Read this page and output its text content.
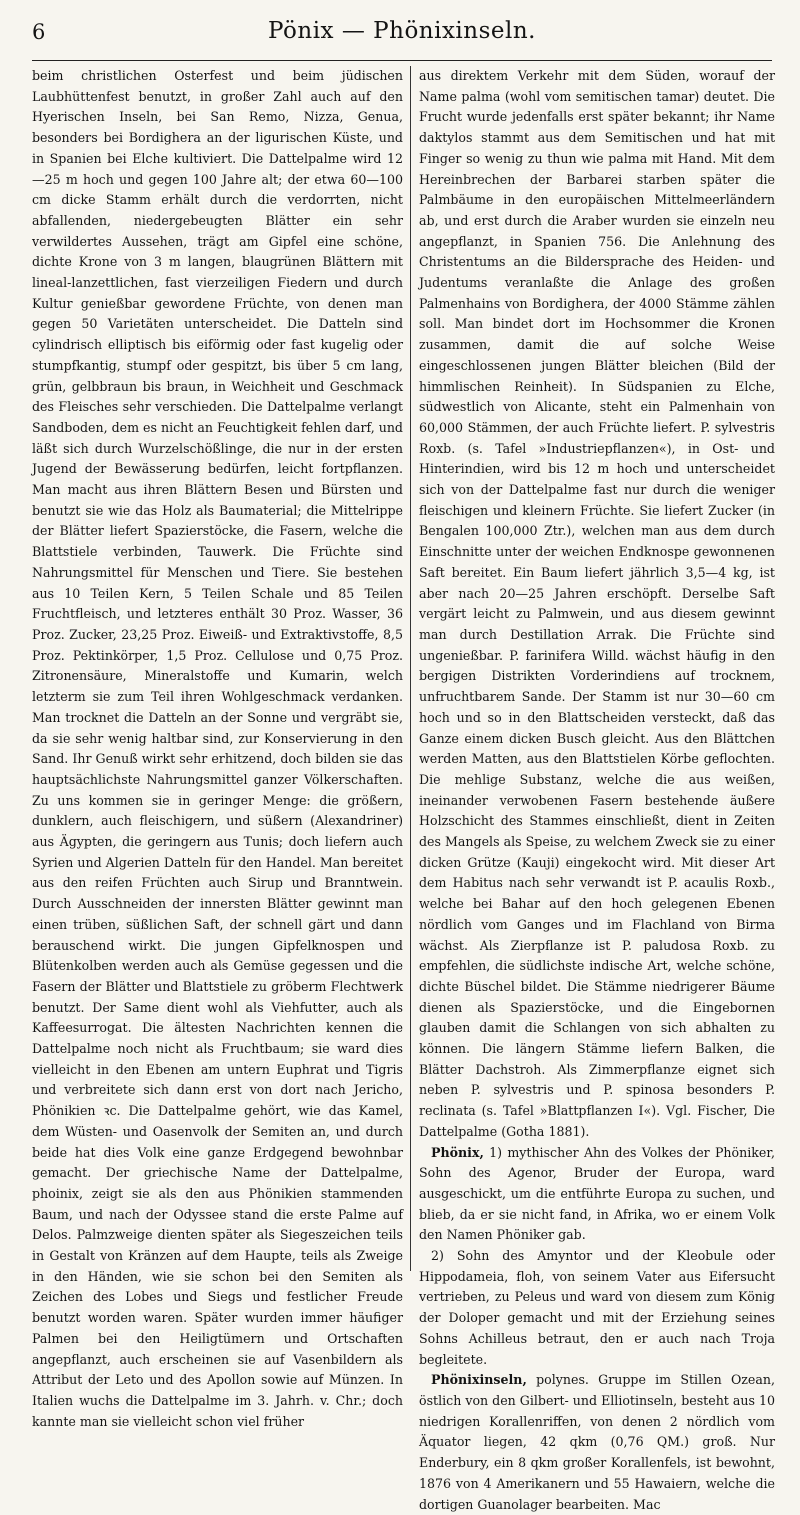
6	Pönix — Phönixinseln.

beim christlichen Osterfest und beim jüdischen Laubhüttenfest benutzt, in großer Zahl auch auf den Hyerischen Inseln, bei San Remo, Nizza, Genua, besonders bei Bordighera an der ligurischen Küste, und in Spanien bei Elche kultiviert. Die Dattelpalme wird 12—25 m hoch und gegen 100 Jahre alt; der etwa 60—100 cm dicke Stamm erhält durch die verdorrten, nicht abfallenden, niedergebeugten Blätter ein sehr verwildertes Aussehen, trägt am Gipfel eine schöne, dichte Krone von 3 m langen, blaugrünen Blättern mit lineal-lanzettlichen, fast vierzeiligen Fiedern und durch Kultur genießbar gewordene Früchte, von denen man gegen 50 Varietäten unterscheidet. Die Datteln sind cylindrisch elliptisch bis eiförmig oder fast kugelig oder stumpfkantig, stumpf oder gespitzt, bis über 5 cm lang, grün, gelbbraun bis braun, in Weichheit und Geschmack des Fleisches sehr verschieden. Die Dattelpalme verlangt Sandboden, dem es nicht an Feuchtigkeit fehlen darf, und läßt sich durch Wurzelschößlinge, die nur in der ersten Jugend der Bewässerung bedürfen, leicht fortpflanzen. Man macht aus ihren Blättern Besen und Bürsten und benutzt sie wie das Holz als Baumaterial; die Mittelrippe der Blätter liefert Spazierstöcke, die Fasern, welche die Blattstiele verbinden, Tauwerk. Die Früchte sind Nahrungsmittel für Menschen und Tiere. Sie bestehen aus 10 Teilen Kern, 5 Teilen Schale und 85 Teilen Fruchtfleisch, und letzteres enthält 30 Proz. Wasser, 36 Proz. Zucker, 23,25 Proz. Eiweiß- und Extraktivstoffe, 8,5 Proz. Pektinkörper, 1,5 Proz. Cellulose und 0,75 Proz. Zitronensäure, Mineralstoffe und Kumarin, welch letzterm sie zum Teil ihren Wohlgeschmack verdanken. Man trocknet die Datteln an der Sonne und vergräbt sie, da sie sehr wenig haltbar sind, zur Konservierung in den Sand. Ihr Genuß wirkt sehr erhitzend, doch bilden sie das hauptsächlichste Nahrungsmittel ganzer Völkerschaften. Zu uns kommen sie in geringer Menge: die größern, dunklern, auch fleischigern, und süßern (Alexandriner) aus Ägypten, die geringern aus Tunis; doch liefern auch Syrien und Algerien Datteln für den Handel. Man bereitet aus den reifen Früchten auch Sirup und Branntwein. Durch Ausschneiden der innersten Blätter gewinnt man einen trüben, süßlichen Saft, der schnell gärt und dann berauschend wirkt. Die jungen Gipfelknospen und Blütenkolben werden auch als Gemüse gegessen und die Fasern der Blätter und Blattstiele zu gröberm Flechtwerk benutzt. Der Same dient wohl als Viehfutter, auch als Kaffeesurrogat. Die ältesten Nachrichten kennen die Dattelpalme noch nicht als Fruchtbaum; sie ward dies vielleicht in den Ebenen am untern Euphrat und Tigris und verbreitete sich dann erst von dort nach Jericho, Phönikien ꝛc. Die Dattelpalme gehört, wie das Kamel, dem Wüsten- und Oasenvolk der Semiten an, und durch beide hat dies Volk eine ganze Erdgegend bewohnbar gemacht. Der griechische Name der Dattelpalme, phoinix, zeigt sie als den aus Phönikien stammenden Baum, und nach der Odyssee stand die erste Palme auf Delos. Palmzweige dienten später als Siegeszeichen teils in Gestalt von Kränzen auf dem Haupte, teils als Zweige in den Händen, wie sie schon bei den Semiten als Zeichen des Lobes und Siegs und festlicher Freude benutzt worden waren. Später wurden immer häufiger Palmen bei den Heiligtümern und Ortschaften angepflanzt, auch erscheinen sie auf Vasenbildern als Attribut der Leto und des Apollon sowie auf Münzen. In Italien wuchs die Dattelpalme im 3. Jahrh. v. Chr.; doch kannte man sie vielleicht schon viel früher

aus direktem Verkehr mit dem Süden, worauf der Name palma (wohl vom semitischen tamar) deutet. Die Frucht wurde jedenfalls erst später bekannt; ihr Name daktylos stammt aus dem Semitischen und hat mit Finger so wenig zu thun wie palma mit Hand. Mit dem Hereinbrechen der Barbarei starben später die Palmbäume in den europäischen Mittelmeerländern ab, und erst durch die Araber wurden sie einzeln neu angepflanzt, in Spanien 756. Die Anlehnung des Christentums an die Bildersprache des Heiden- und Judentums veranlaßte die Anlage des großen Palmenhains von Bordighera, der 4000 Stämme zählen soll. Man bindet dort im Hochsommer die Kronen zusammen, damit die auf solche Weise eingeschlossenen jungen Blätter bleichen (Bild der himmlischen Reinheit). In Südspanien zu Elche, südwestlich von Alicante, steht ein Palmenhain von 60,000 Stämmen, der auch Früchte liefert. P. sylvestris Roxb. (s. Tafel »Industriepflanzen«), in Ost- und Hinterindien, wird bis 12 m hoch und unterscheidet sich von der Dattelpalme fast nur durch die weniger fleischigen und kleinern Früchte. Sie liefert Zucker (in Bengalen 100,000 Ztr.), welchen man aus dem durch Einschnitte unter der weichen Endknospe gewonnenen Saft bereitet. Ein Baum liefert jährlich 3,5—4 kg, ist aber nach 20—25 Jahren erschöpft. Derselbe Saft vergärt leicht zu Palmwein, und aus diesem gewinnt man durch Destillation Arrak. Die Früchte sind ungenießbar. P. farinifera Willd. wächst häufig in den bergigen Distrikten Vorderindiens auf trocknem, unfruchtbarem Sande. Der Stamm ist nur 30—60 cm hoch und so in den Blattscheiden versteckt, daß das Ganze einem dicken Busch gleicht. Aus den Blättchen werden Matten, aus den Blattstielen Körbe geflochten. Die mehlige Substanz, welche die aus weißen, ineinander verwobenen Fasern bestehende äußere Holzschicht des Stammes einschließt, dient in Zeiten des Mangels als Speise, zu welchem Zweck sie zu einer dicken Grütze (Kauji) eingekocht wird. Mit dieser Art dem Habitus nach sehr verwandt ist P. acaulis Roxb., welche bei Bahar auf den hoch gelegenen Ebenen nördlich vom Ganges und im Flachland von Birma wächst. Als Zierpflanze ist P. paludosa Roxb. zu empfehlen, die südlichste indische Art, welche schöne, dichte Büschel bildet. Die Stämme niedrigerer Bäume dienen als Spazierstöcke, und die Eingebornen glauben damit die Schlangen von sich abhalten zu können. Die längern Stämme liefern Balken, die Blätter Dachstroh. Als Zimmerpflanze eignet sich neben P. sylvestris und P. spinosa besonders P. reclinata (s. Tafel »Blattpflanzen I«). Vgl. Fischer, Die Dattelpalme (Gotha 1881).

Phönix, 1) mythischer Ahn des Volkes der Phöniker, Sohn des Agenor, Bruder der Europa, ward ausgeschickt, um die entführte Europa zu suchen, und blieb, da er sie nicht fand, in Afrika, wo er einem Volk den Namen Phöniker gab.

2) Sohn des Amyntor und der Kleobule oder Hippodameia, floh, von seinem Vater aus Eifersucht vertrieben, zu Peleus und ward von diesem zum König der Doloper gemacht und mit der Erziehung seines Sohns Achilleus betraut, den er auch nach Troja begleitete.

Phönixinseln, polynes. Gruppe im Stillen Ozean, östlich von den Gilbert- und Elliotinseln, besteht aus 10 niedrigen Korallenriffen, von denen 2 nördlich vom Äquator liegen, 42 qkm (0,76 QM.) groß. Nur Enderbury, ein 8 qkm großer Korallenfels, ist bewohnt, 1876 von 4 Amerikanern und 55 Hawaiern, welche die dortigen Guanolager bearbeiten. Mac
